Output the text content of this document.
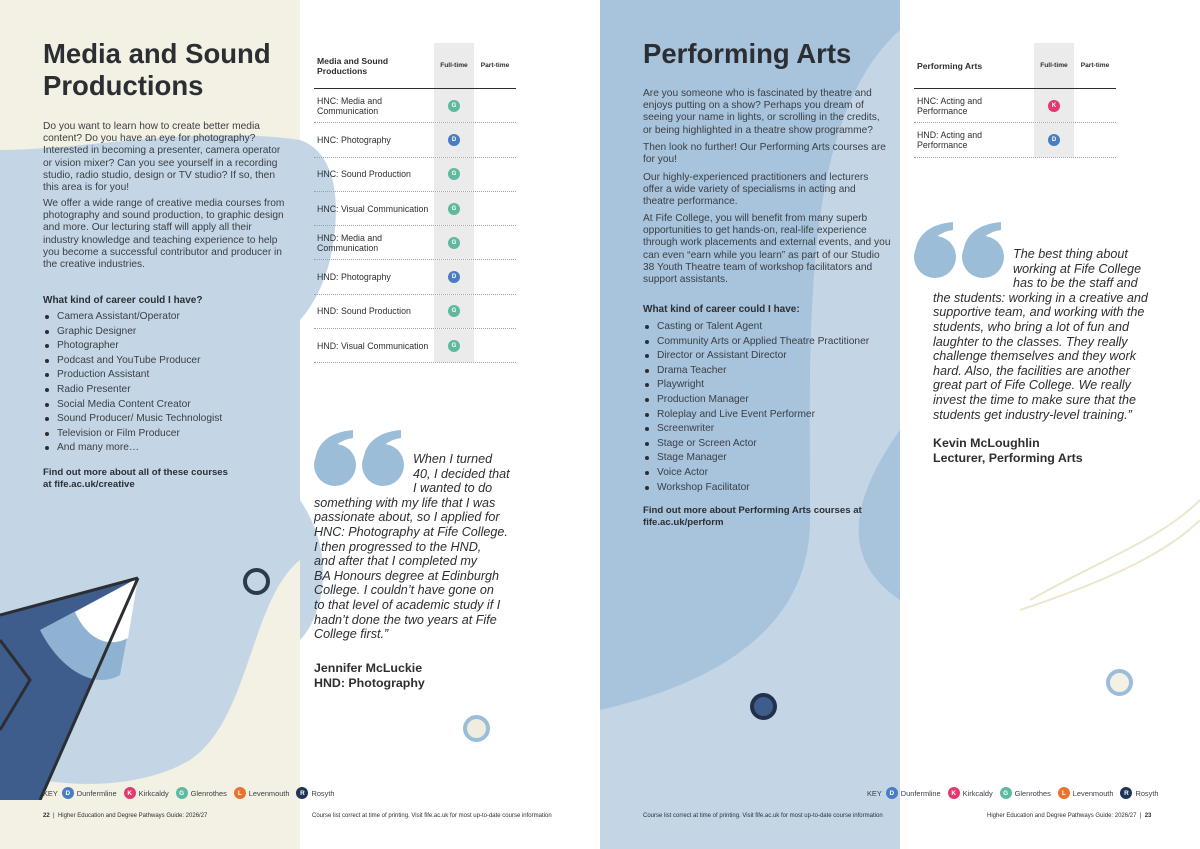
Media and Sound
Productions

Do you want to learn how to create better media content? Do you have an eye for photography? Interested in becoming a presenter, camera operator or vision mixer? Can you see yourself in a recording studio, radio studio, design or TV studio? If so, then this area is for you!

We offer a wide range of creative media courses from photography and sound production, to graphic design and more. Our lecturing staff will apply all their industry knowledge and teaching experience to help you become a successful contributor and producer in the creative industries.

What kind of career could I have?
Camera Assistant/Operator
Graphic Designer
Photographer
Podcast and YouTube Producer
Production Assistant
Radio Presenter
Social Media Content Creator
Sound Producer/ Music Technologist
Television or Film Producer
And many more…
Find out more about all of these courses
at fife.ac.uk/creative
Media and Sound Productions	Full-time	Part-time
HNC: Media and Communication	G
HNC: Photography	D
HNC: Sound Production	G
HNC: Visual Communication	G
HND: Media and Communication	G
HND: Photography	D
HND: Sound Production	G
HND: Visual Communication	G
When I turned
40, I decided that
I wanted to do
something with my life that I was
passionate about, so I applied for
HNC: Photography at Fife College.
I then progressed to the HND,
and after that I completed my
BA Honours degree at Edinburgh
College. I couldn’t have gone on
to that level of academic study if I
hadn’t done the two years at Fife
College first.”
Jennifer McLuckie
HND: Photography
KEY	D Dunfermline	K Kirkcaldy	G Glenrothes	L Levenmouth	R Rosyth
22 | Higher Education and Degree Pathways Guide: 2026/27	Course list correct at time of printing. Visit fife.ac.uk for most up-to-date course information
Performing Arts

Are you someone who is fascinated by theatre and enjoys putting on a show? Perhaps you dream of seeing your name in lights, or scrolling in the credits, or being highlighted in a theatre show programme?

Then look no further! Our Performing Arts courses are for you!

Our highly-experienced practitioners and lecturers offer a wide variety of specialisms in acting and theatre performance.

At Fife College, you will benefit from many superb opportunities to get hands-on, real-life experience through work placements and external events, and you can even “earn while you learn” as part of our Studio 38 Youth Theatre team of workshop facilitators and support assistants.

What kind of career could I have:
Casting or Talent Agent
Community Arts or Applied Theatre Practitioner
Director or Assistant Director
Drama Teacher
Playwright
Production Manager
Roleplay and Live Event Performer
Screenwriter
Stage or Screen Actor
Stage Manager
Voice Actor
Workshop Facilitator
Find out more about Performing Arts courses at
fife.ac.uk/perform
Performing Arts	Full-time	Part-time
HNC: Acting and Performance	K
HND: Acting and Performance	D
The best thing about
working at Fife College
has to be the staff and
the students: working in a creative and
supportive team, and working with the
students, who bring a lot of fun and
laughter to the classes. They really
challenge themselves and they work
hard. Also, the facilities are another
great part of Fife College. We really
invest the time to make sure that the
students get industry-level training.”
Kevin McLoughlin
Lecturer, Performing Arts
KEY	D Dunfermline	K Kirkcaldy	G Glenrothes	L Levenmouth	R Rosyth
Course list correct at time of printing. Visit fife.ac.uk for most up-to-date course information	Higher Education and Degree Pathways Guide: 2026/27 | 23
